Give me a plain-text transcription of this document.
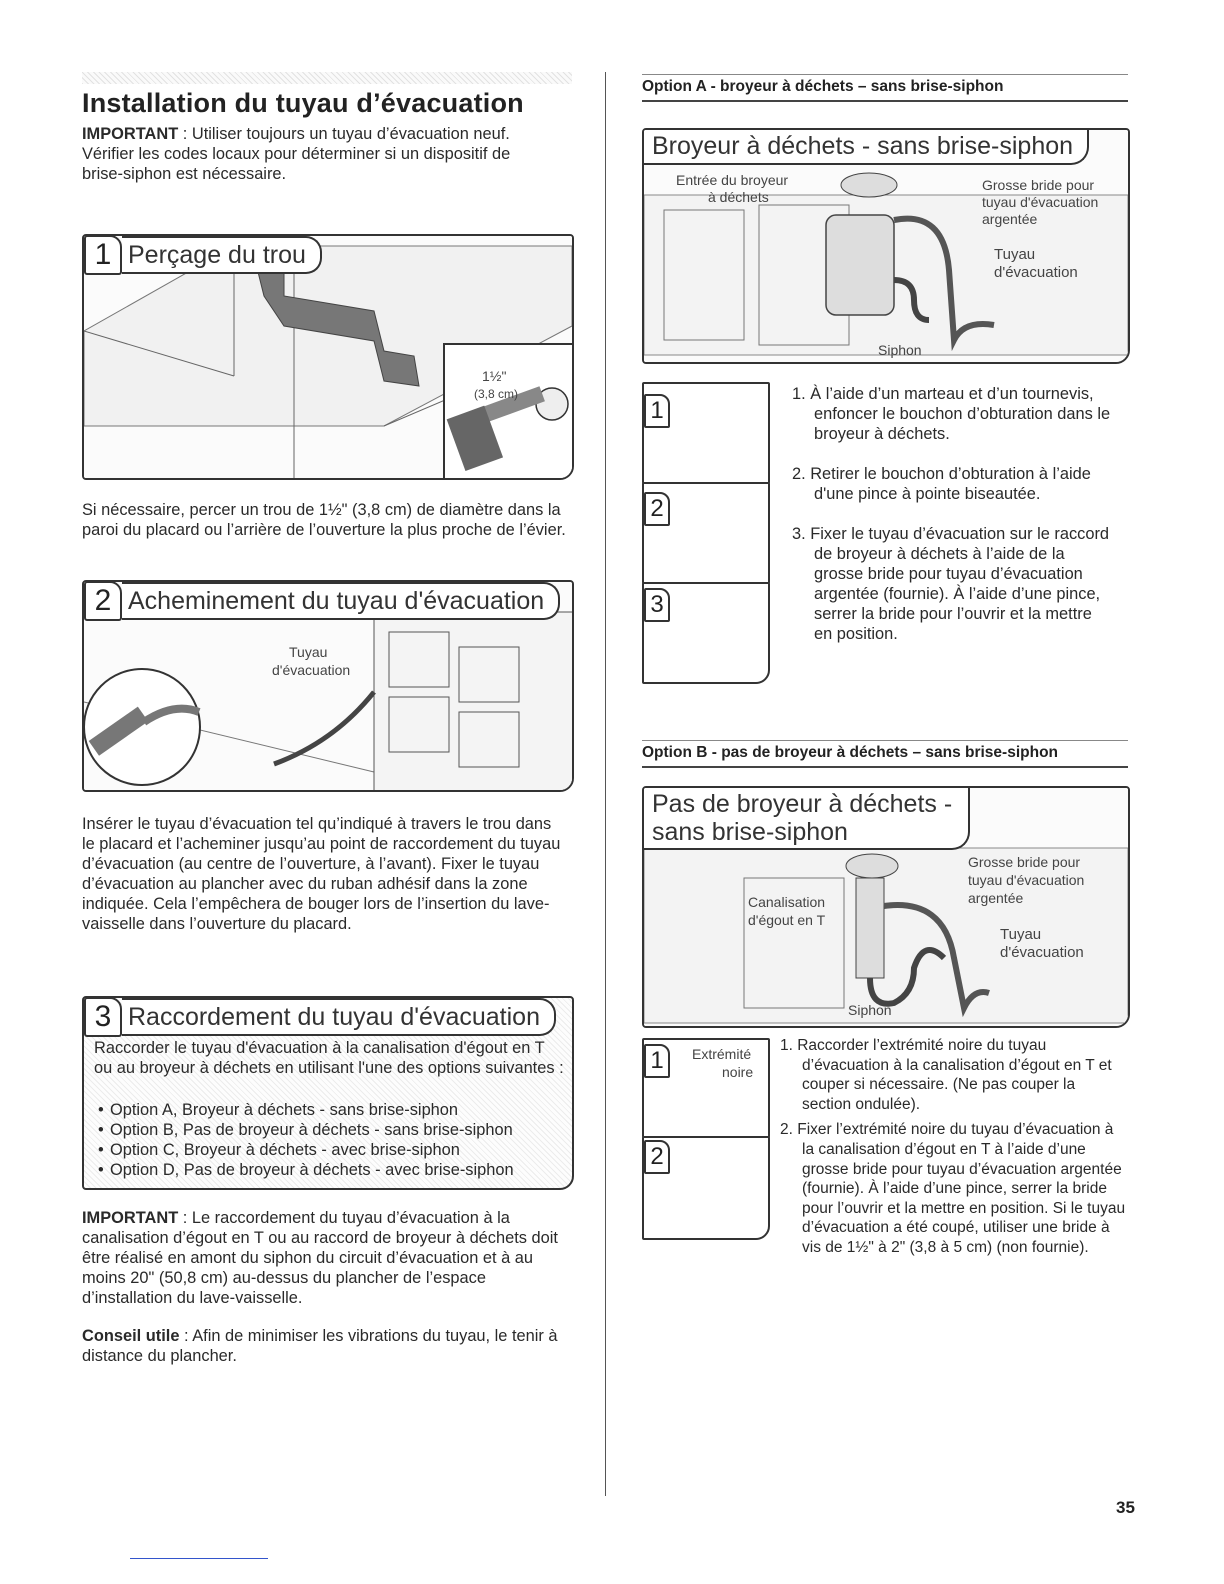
Installation du tuyau d’évacuation
IMPORTANT : Utiliser toujours un tuyau d’évacuation neuf. Vérifier les codes locaux pour déterminer si un dispositif de brise-siphon est nécessaire.
1 Perçage du trou
1½"
(3,8 cm)
Si nécessaire, percer un trou de 1½" (3,8 cm) de diamètre dans la paroi du placard ou l’arrière de l’ouverture la plus proche de l’évier.
2 Acheminement du tuyau d'évacuation
Tuyau
d'évacuation
Insérer le tuyau d’évacuation tel qu’indiqué à travers le trou dans le placard et l’acheminer jusqu’au point de raccordement du tuyau d’évacuation (au centre de l’ouverture, à l’avant). Fixer le tuyau d’évacuation au plancher avec du ruban adhésif dans la zone indiquée. Cela l’empêchera de bouger lors de l’insertion du lave-vaisselle dans l’ouverture du placard.
3 Raccordement du tuyau d'évacuation
Raccorder le tuyau d'évacuation à la canalisation d'égout en T ou au broyeur à déchets en utilisant l'une des options suivantes :
• Option A, Broyeur à déchets - sans brise-siphon
• Option B, Pas de broyeur à déchets - sans brise-siphon
• Option C, Broyeur à déchets - avec brise-siphon
• Option D, Pas de broyeur à déchets - avec brise-siphon
IMPORTANT : Le raccordement du tuyau d’évacuation à la canalisation d’égout en T ou au raccord de broyeur à déchets doit être réalisé en amont du siphon du circuit d’évacuation et à au moins 20" (50,8 cm) au-dessus du plancher de l’espace d’installation du lave-vaisselle.
Conseil utile : Afin de minimiser les vibrations du tuyau, le tenir à distance du plancher.
Option A - broyeur à déchets – sans brise-siphon
Broyeur à déchets - sans brise-siphon
Entrée du broyeur
à déchets
Grosse bride pour
tuyau d'évacuation
argentée
Tuyau
d'évacuation
Siphon
1
2
3
1. À l’aide d’un marteau et d’un tournevis, enfoncer le bouchon d’obturation dans le broyeur à déchets.
2. Retirer le bouchon d’obturation à l’aide d'une pince à pointe biseautée.
3. Fixer le tuyau d’évacuation sur le raccord de broyeur à déchets à l’aide de la grosse bride pour tuyau d’évacuation argentée (fournie). À l’aide d’une pince, serrer la bride pour l’ouvrir et la mettre en position.
Option B - pas de broyeur à déchets – sans brise-siphon
Pas de broyeur à déchets -
sans brise-siphon
Grosse bride pour
tuyau d'évacuation
argentée
Canalisation
d'égout en T
Tuyau
d'évacuation
Siphon
1	Extrémité
noire
2
1. Raccorder l’extrémité noire du tuyau d’évacuation à la canalisation d’égout en T et couper si nécessaire. (Ne pas couper la section ondulée).
2. Fixer l’extrémité noire du tuyau d’évacuation à la canalisation d’égout en T à l’aide d’une grosse bride pour tuyau d’évacuation argentée (fournie). À l’aide d’une pince, serrer la bride pour l’ouvrir et la mettre en position. Si le tuyau d’évacuation a été coupé, utiliser une bride à vis de 1½" à 2" (3,8 à 5 cm) (non fournie).
35
